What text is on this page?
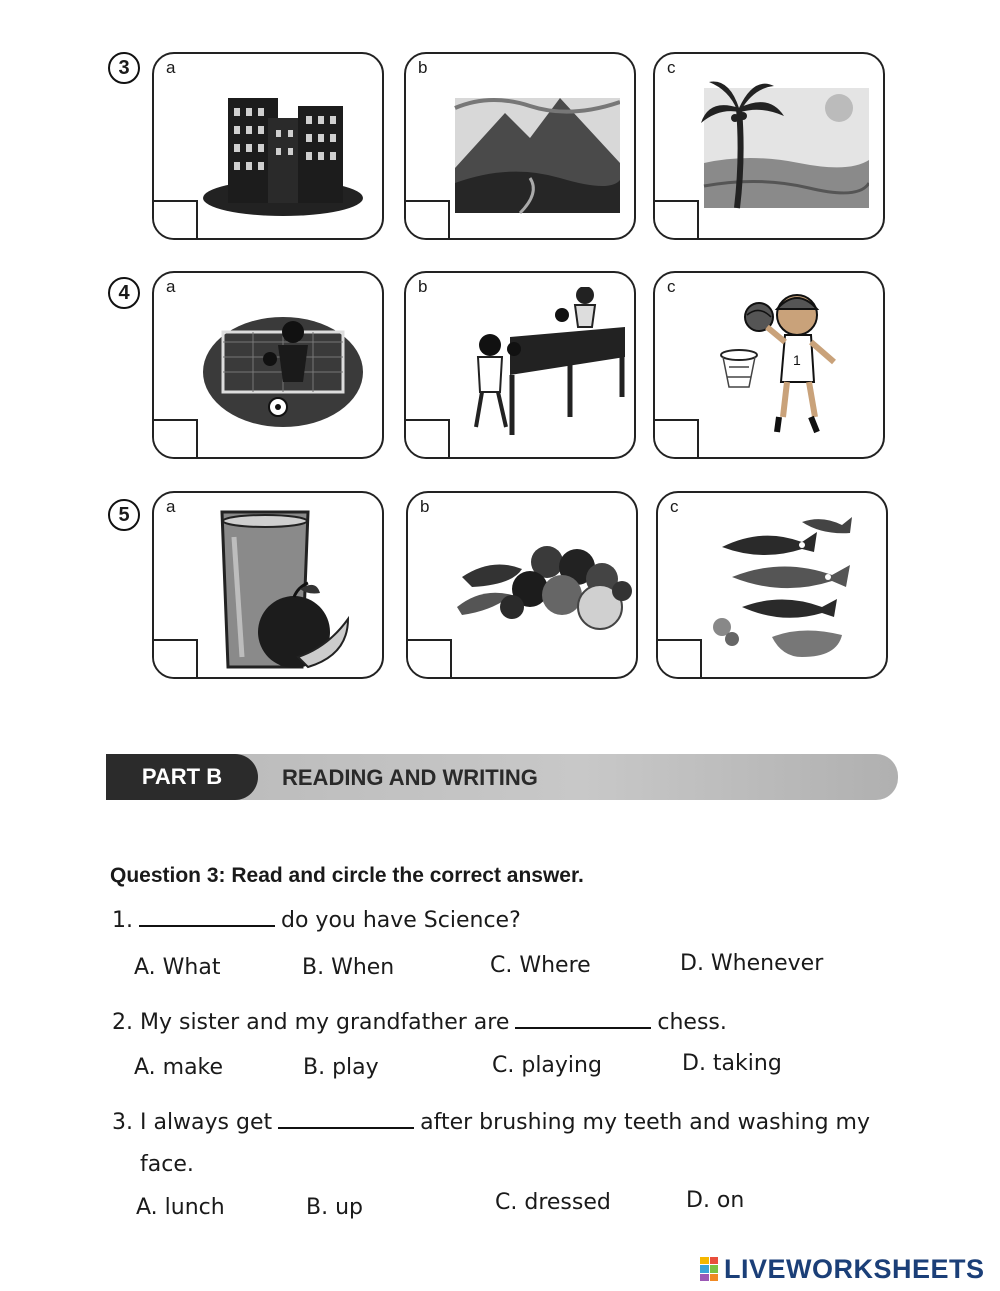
3	a	b	c
4	a	b	c
1
5	a	b	c
PART B	READING AND WRITING
Question 3: Read and circle the correct answer.
1.	do you have Science?
A. What	B. When	C. Where	D. Whenever
2. My sister and my grandfather are	chess.
A. make	B. play	C. playing	D. taking
3. I always get	after brushing my teeth and washing my
face.
A. lunch	B. up	C. dressed	D. on
LIVEWORKSHEETS
